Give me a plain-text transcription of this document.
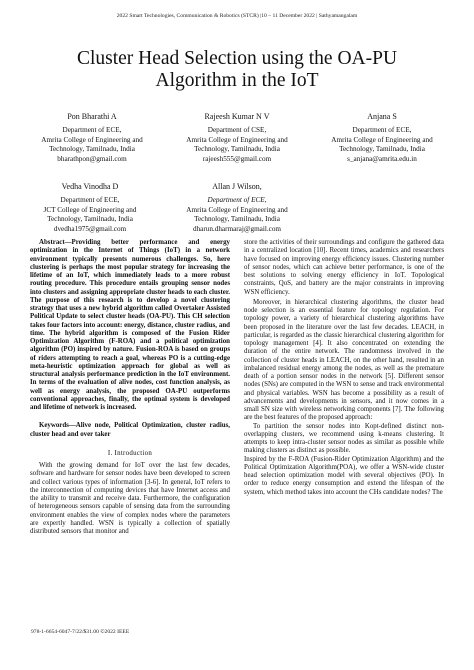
2022 Smart Technologies, Communication & Robotics (STCR) |10 – 11 December 2022 | Sathyamangalam
Cluster Head Selection using the OA-PU
Algorithm in the IoT
Pon Bharathi A
Department of ECE,
Amrita College of Engineering and
Technology, Tamilnadu, India
bharathpon@gmail.com
Rajeesh Kumar N V
Department of CSE,
Amrita College of Engineering and
Technology, Tamilnadu, India
rajeesh555@gmail.com
Anjana S
Department of ECE,
Amrita College of Engineering and
Technology, Tamilnadu, India
s_anjana@amrita.edu.in
Vedha Vinodha D
Department of ECE,
JCT College of Engineering and
Technology, Tamilnadu, India
dvedha1975@gmail.com
Allan J Wilson,
Department of ECE,
Amrita College of Engineering and
Technology, Tamilnadu, India
dharun.dharmaraj@gmail.com

Abstract—Providing better performance and energy optimization in the Internet of Things (IoT) in a network environment typically presents numerous challenges. So, here clustering is perhaps the most popular strategy for increasing the lifetime of an IoT, which immediately leads to a more robust routing procedure. This procedure entails grouping sensor nodes into clusters and assigning appropriate cluster heads to each cluster. The purpose of this research is to develop a novel clustering strategy that uses a new hybrid algorithm called Overtaker Assisted Political Update to select cluster heads (OA-PU). This CH selection takes four factors into account: energy, distance, cluster radius, and time. The hybrid algorithm is composed of the Fusion Rider Optimization Algorithm (F-ROA) and a political optimization algorithm (PO) inspired by nature. Fusion-ROA is based on groups of riders attempting to reach a goal, whereas PO is a cutting-edge meta-heuristic optimization approach for global as well as structural analysis performance prediction in the IoT environment. In terms of the evaluation of alive nodes, cost function analysis, as well as energy analysis, the proposed OA-PU outperforms conventional approaches, finally, the optimal system is developed and lifetime of network is increased.

Keywords—Alive node, Political Optimization, cluster radius, cluster head and over taker

I. Introduction

With the growing demand for IoT over the last few decades, software and hardware for sensor nodes have been developed to screen and collect various types of information [3-6]. In general, IoT refers to the interconnection of computing devices that have Internet access and the ability to transmit and receive data. Furthermore, the configuration of heterogeneous sensors capable of sensing data from the surrounding environment enables the view of complex nodes where the parameters are expertly handled. WSN is typically a collection of spatially distributed sensors that monitor and

store the activities of their surroundings and configure the gathered data in a centralized location [10]. Recent times, academics and researchers have focused on improving energy efficiency issues. Clustering number of sensor nodes, which can achieve better performance, is one of the best solutions to solving energy efficiency in IoT. Topological constraints, QoS, and battery are the major constraints in improving WSN efficiency.

Moreover, in hierarchical clustering algorithms, the cluster head node selection is an essential feature for topology regulation. For topology power, a variety of hierarchical clustering algorithms have been proposed in the literature over the last few decades. LEACH, in particular, is regarded as the classic hierarchical clustering algorithm for topology management [4]. It also concentrated on extending the duration of the entire network. The randomness involved in the collection of cluster heads in LEACH, on the other hand, resulted in an imbalanced residual energy among the nodes, as well as the premature death of a portion sensor nodes in the network [5]. Different sensor nodes (SNs) are computed in the WSN to sense and track environmental and physical variables. WSN has become a possibility as a result of advancements and developments in sensors, and it now comes in a small SN size with wireless networking components [7]. The following are the best features of the proposed approach:

To partition the sensor nodes into Kopt-defined distinct non-overlapping clusters, we recommend using k-means clustering. It attempts to keep intra-cluster sensor nodes as similar as possible while making clusters as distinct as possible.

Inspired by the F-ROA (Fusion-Rider Optimization Algorithm) and the Political Optimization Algorithm(POA), we offer a WSN-wide cluster head selection optimization model with several objectives (PO). In order to reduce energy consumption and extend the lifespan of the system, which method takes into account the CHs candidate nodes? The

978-1-6654-6047-7/22/$31.00 ©2022 IEEE
